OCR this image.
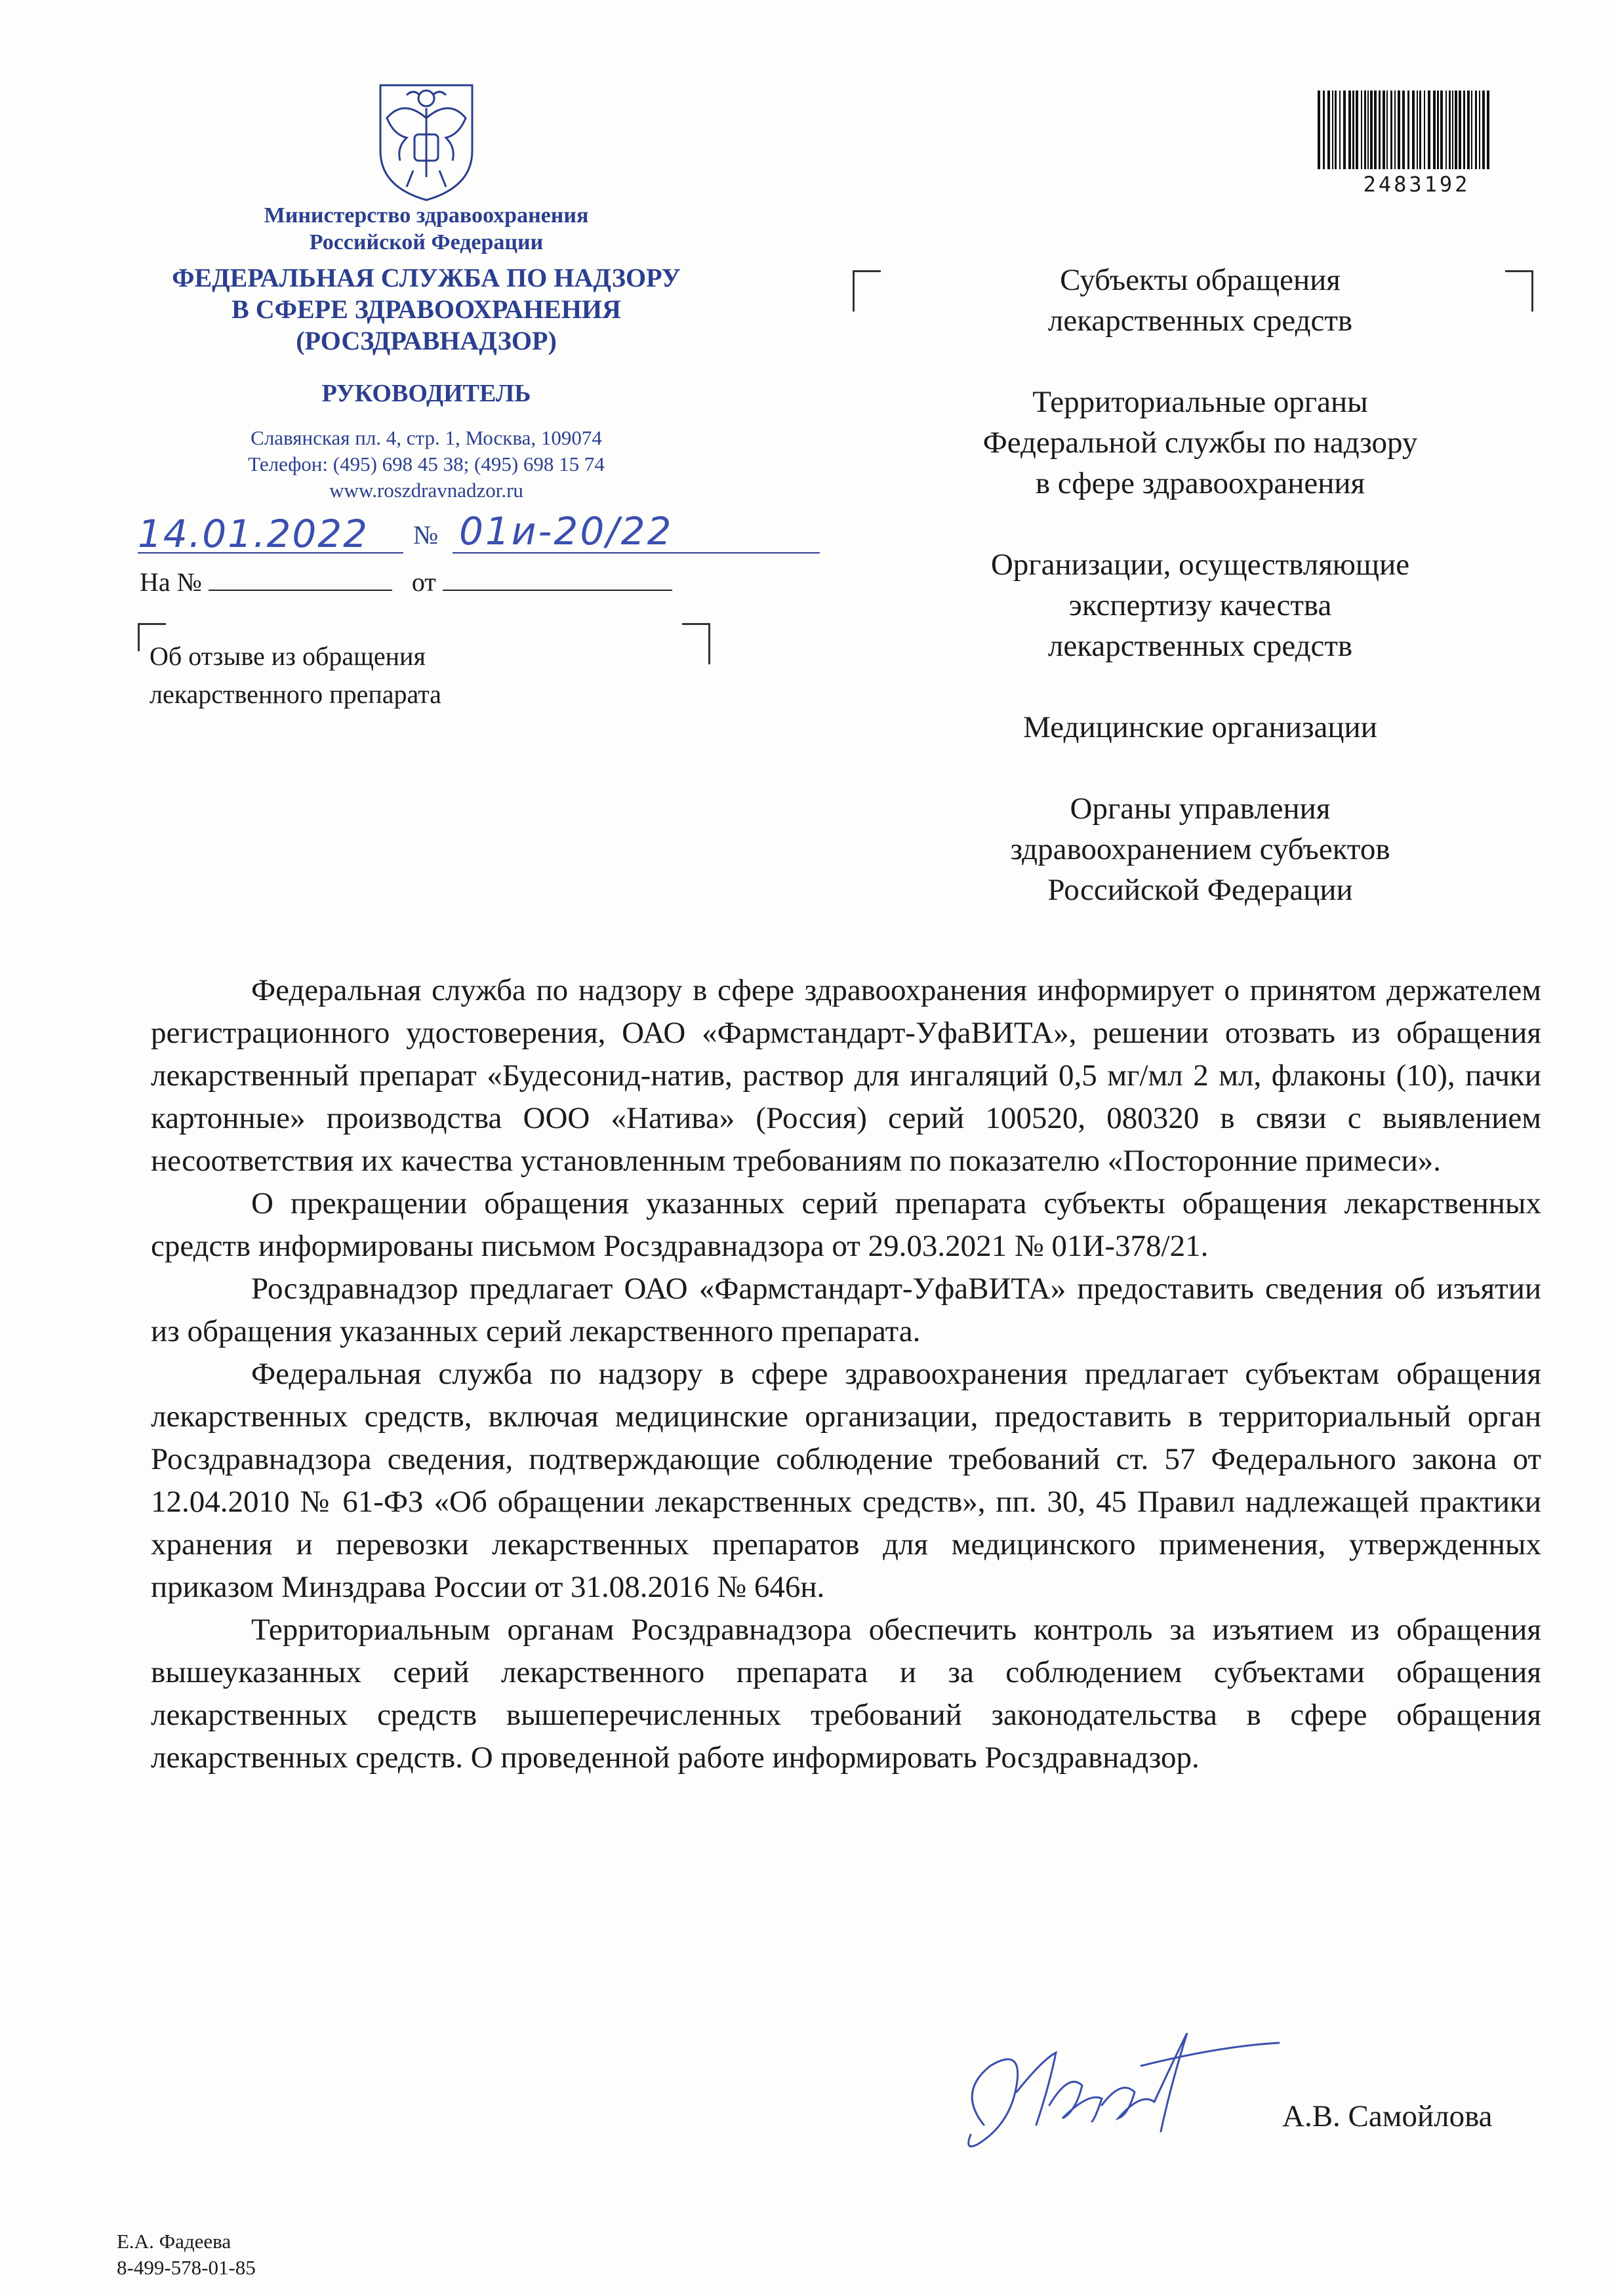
Министерство здравоохранения
Российской Федерации
ФЕДЕРАЛЬНАЯ СЛУЖБА ПО НАДЗОРУ
В СФЕРЕ ЗДРАВООХРАНЕНИЯ
(РОСЗДРАВНАДЗОР)
РУКОВОДИТЕЛЬ
Славянская пл. 4, стр. 1, Москва, 109074
Телефон: (495) 698 45 38; (495) 698 15 74
www.roszdravnadzor.ru
14.01.2022 № 01и-20/22
На №	от
Об отзыве из обращения
лекарственного препарата
2483192
Субъекты обращения
лекарственных средств
Территориальные органы
Федеральной службы по надзору
в сфере здравоохранения
Организации, осуществляющие
экспертизу качества
лекарственных средств
Медицинские организации
Органы управления
здравоохранением субъектов
Российской Федерации

Федеральная служба по надзору в сфере здравоохранения информирует о принятом держателем регистрационного удостоверения, ОАО «Фармстандарт-УфаВИТА», решении отозвать из обращения лекарственный препарат «Будесонид-натив, раствор для ингаляций 0,5 мг/мл 2 мл, флаконы (10), пачки картонные» производства ООО «Натива» (Россия) серий 100520, 080320 в связи с выявлением несоответствия их качества установленным требованиям по показателю «Посторонние примеси».

О прекращении обращения указанных серий препарата субъекты обращения лекарственных средств информированы письмом Росздравнадзора от 29.03.2021 № 01И-378/21.

Росздравнадзор предлагает ОАО «Фармстандарт-УфаВИТА» предоставить сведения об изъятии из обращения указанных серий лекарственного препарата.

Федеральная служба по надзору в сфере здравоохранения предлагает субъектам обращения лекарственных средств, включая медицинские организации, предоставить в территориальный орган Росздравнадзора сведения, подтверждающие соблюдение требований ст. 57 Федерального закона от 12.04.2010 № 61-ФЗ «Об обращении лекарственных средств», пп. 30, 45 Правил надлежащей практики хранения и перевозки лекарственных препаратов для медицинского применения, утвержденных приказом Минздрава России от 31.08.2016 № 646н.

Территориальным органам Росздравнадзора обеспечить контроль за изъятием из обращения вышеуказанных серий лекарственного препарата и за соблюдением субъектами обращения лекарственных средств вышеперечисленных требований законодательства в сфере обращения лекарственных средств. О проведенной работе информировать Росздравнадзор.

А.В. Самойлова
Е.А. Фадеева
8-499-578-01-85
